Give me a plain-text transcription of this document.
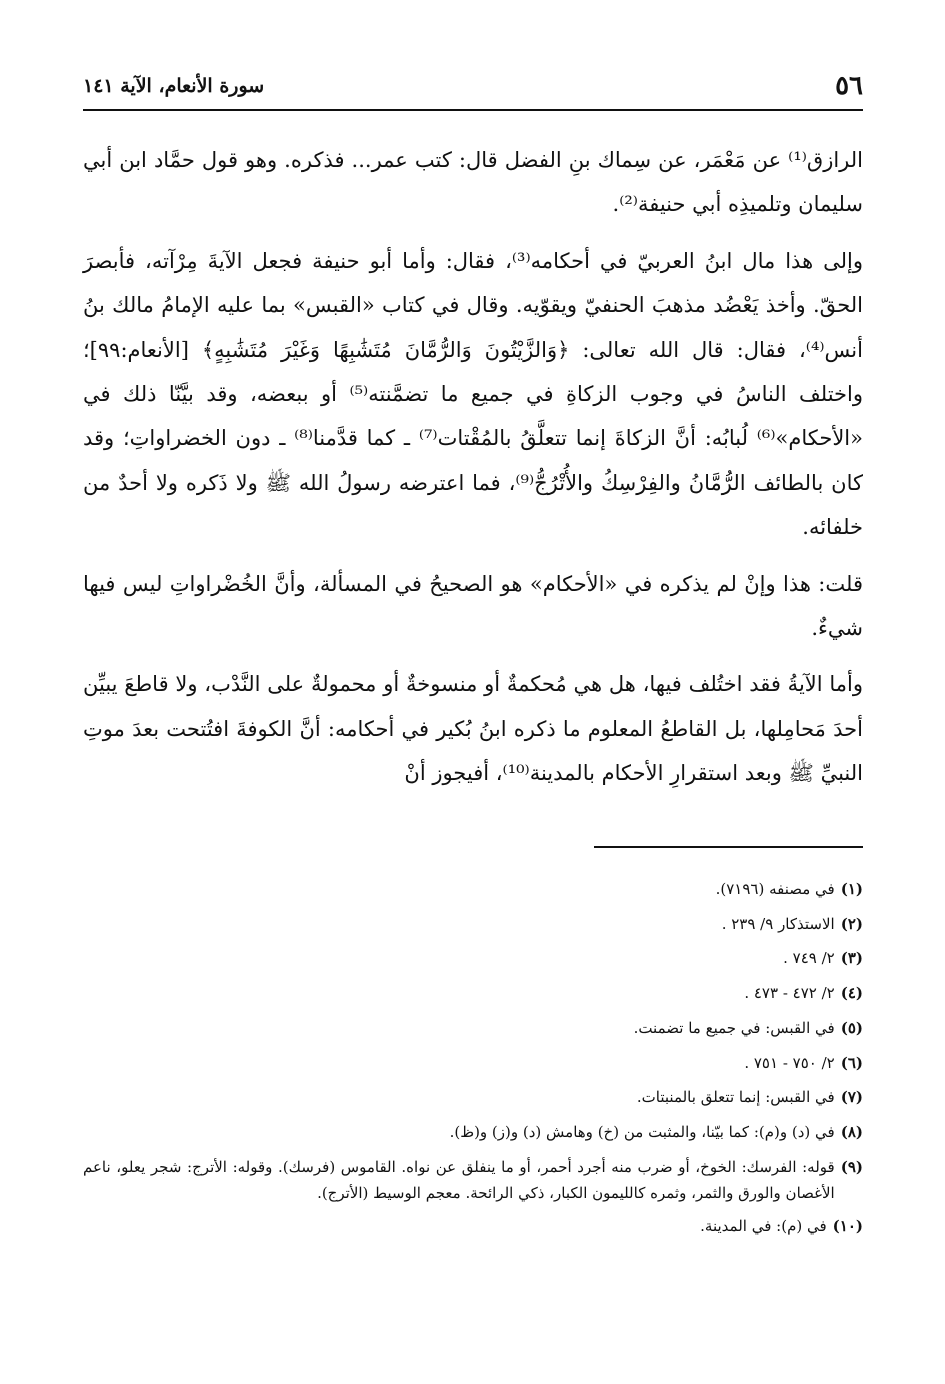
٥٦
سورة الأنعام، الآية ١٤١

الرازق⁽¹⁾ عن مَعْمَر، عن سِماك بنِ الفضل قال: كتب عمر... فذكره. وهو قول حمَّاد ابن أبي سليمان وتلميذِه أبي حنيفة⁽²⁾.

وإلى هذا مال ابنُ العربيّ في أحكامه⁽³⁾، فقال: وأما أبو حنيفة فجعل الآيةَ مِرْآته، فأبصرَ الحقّ. وأخذ يَعْضُد مذهبَ الحنفيّ ويقوّيه. وقال في كتاب «القبس» بما عليه الإمامُ مالك بنُ أنس⁽⁴⁾، فقال: قال الله تعالى: ﴿وَالزَّيْتُونَ وَالرُّمَّانَ مُتَشَٰبِهًا وَغَيْرَ مُتَشَٰبِهٍ﴾ [الأنعام:٩٩]؛ واختلف الناسُ في وجوب الزكاةِ في جميع ما تضمَّنته⁽⁵⁾ أو ببعضه، وقد بيَّنّا ذلك في «الأحكام»⁽⁶⁾ لُبابُه: أنَّ الزكاةَ إنما تتعلَّقُ بالمُقْتات⁽⁷⁾ ـ كما قدَّمنا⁽⁸⁾ ـ دون الخضراواتِ؛ وقد كان بالطائف الرُّمَّانُ والفِرْسِكُ والأُتْرُجُّ⁽⁹⁾، فما اعترضه رسولُ الله ﷺ ولا ذَكره ولا أحدٌ من خلفائه.

قلت: هذا وإنْ لم يذكره في «الأحكام» هو الصحيحُ في المسألة، وأنَّ الخُضْراواتِ ليس فيها شيءٌ.

وأما الآيةُ فقد اختُلف فيها، هل هي مُحكمةٌ أو منسوخةٌ أو محمولةٌ على النَّدْب، ولا قاطعَ يبيِّن أحدَ مَحامِلها، بل القاطعُ المعلوم ما ذكره ابنُ بُكير في أحكامه: أنَّ الكوفةَ افتُتحت بعدَ موتِ النبيِّ ﷺ وبعد استقرارِ الأحكام بالمدينة⁽¹⁰⁾، أفيجوز أنْ

(١)
في مصنفه (٧١٩٦).
(٢)
الاستذكار ٩/ ٢٣٩ .
(٣)
٢/ ٧٤٩ .
(٤)
٢/ ٤٧٢ - ٤٧٣ .
(٥)
في القبس: في جميع ما تضمنت.
(٦)
٢/ ٧٥٠ - ٧٥١ .
(٧)
في القبس: إنما تتعلق بالمنبتات.
(٨)
في (د) و(م): كما بيّنا، والمثبت من (خ) وهامش (د) و(ز) و(ظ).
(٩)
قوله: الفرسك: الخوخ، أو ضرب منه أجرد أحمر، أو ما ينفلق عن نواه. القاموس (فرسك). وقوله: الأترج: شجر يعلو، ناعم الأغصان والورق والثمر، وثمره كالليمون الكبار، ذكي الرائحة. معجم الوسيط (الأترج).
(١٠)
في (م): في المدينة.
